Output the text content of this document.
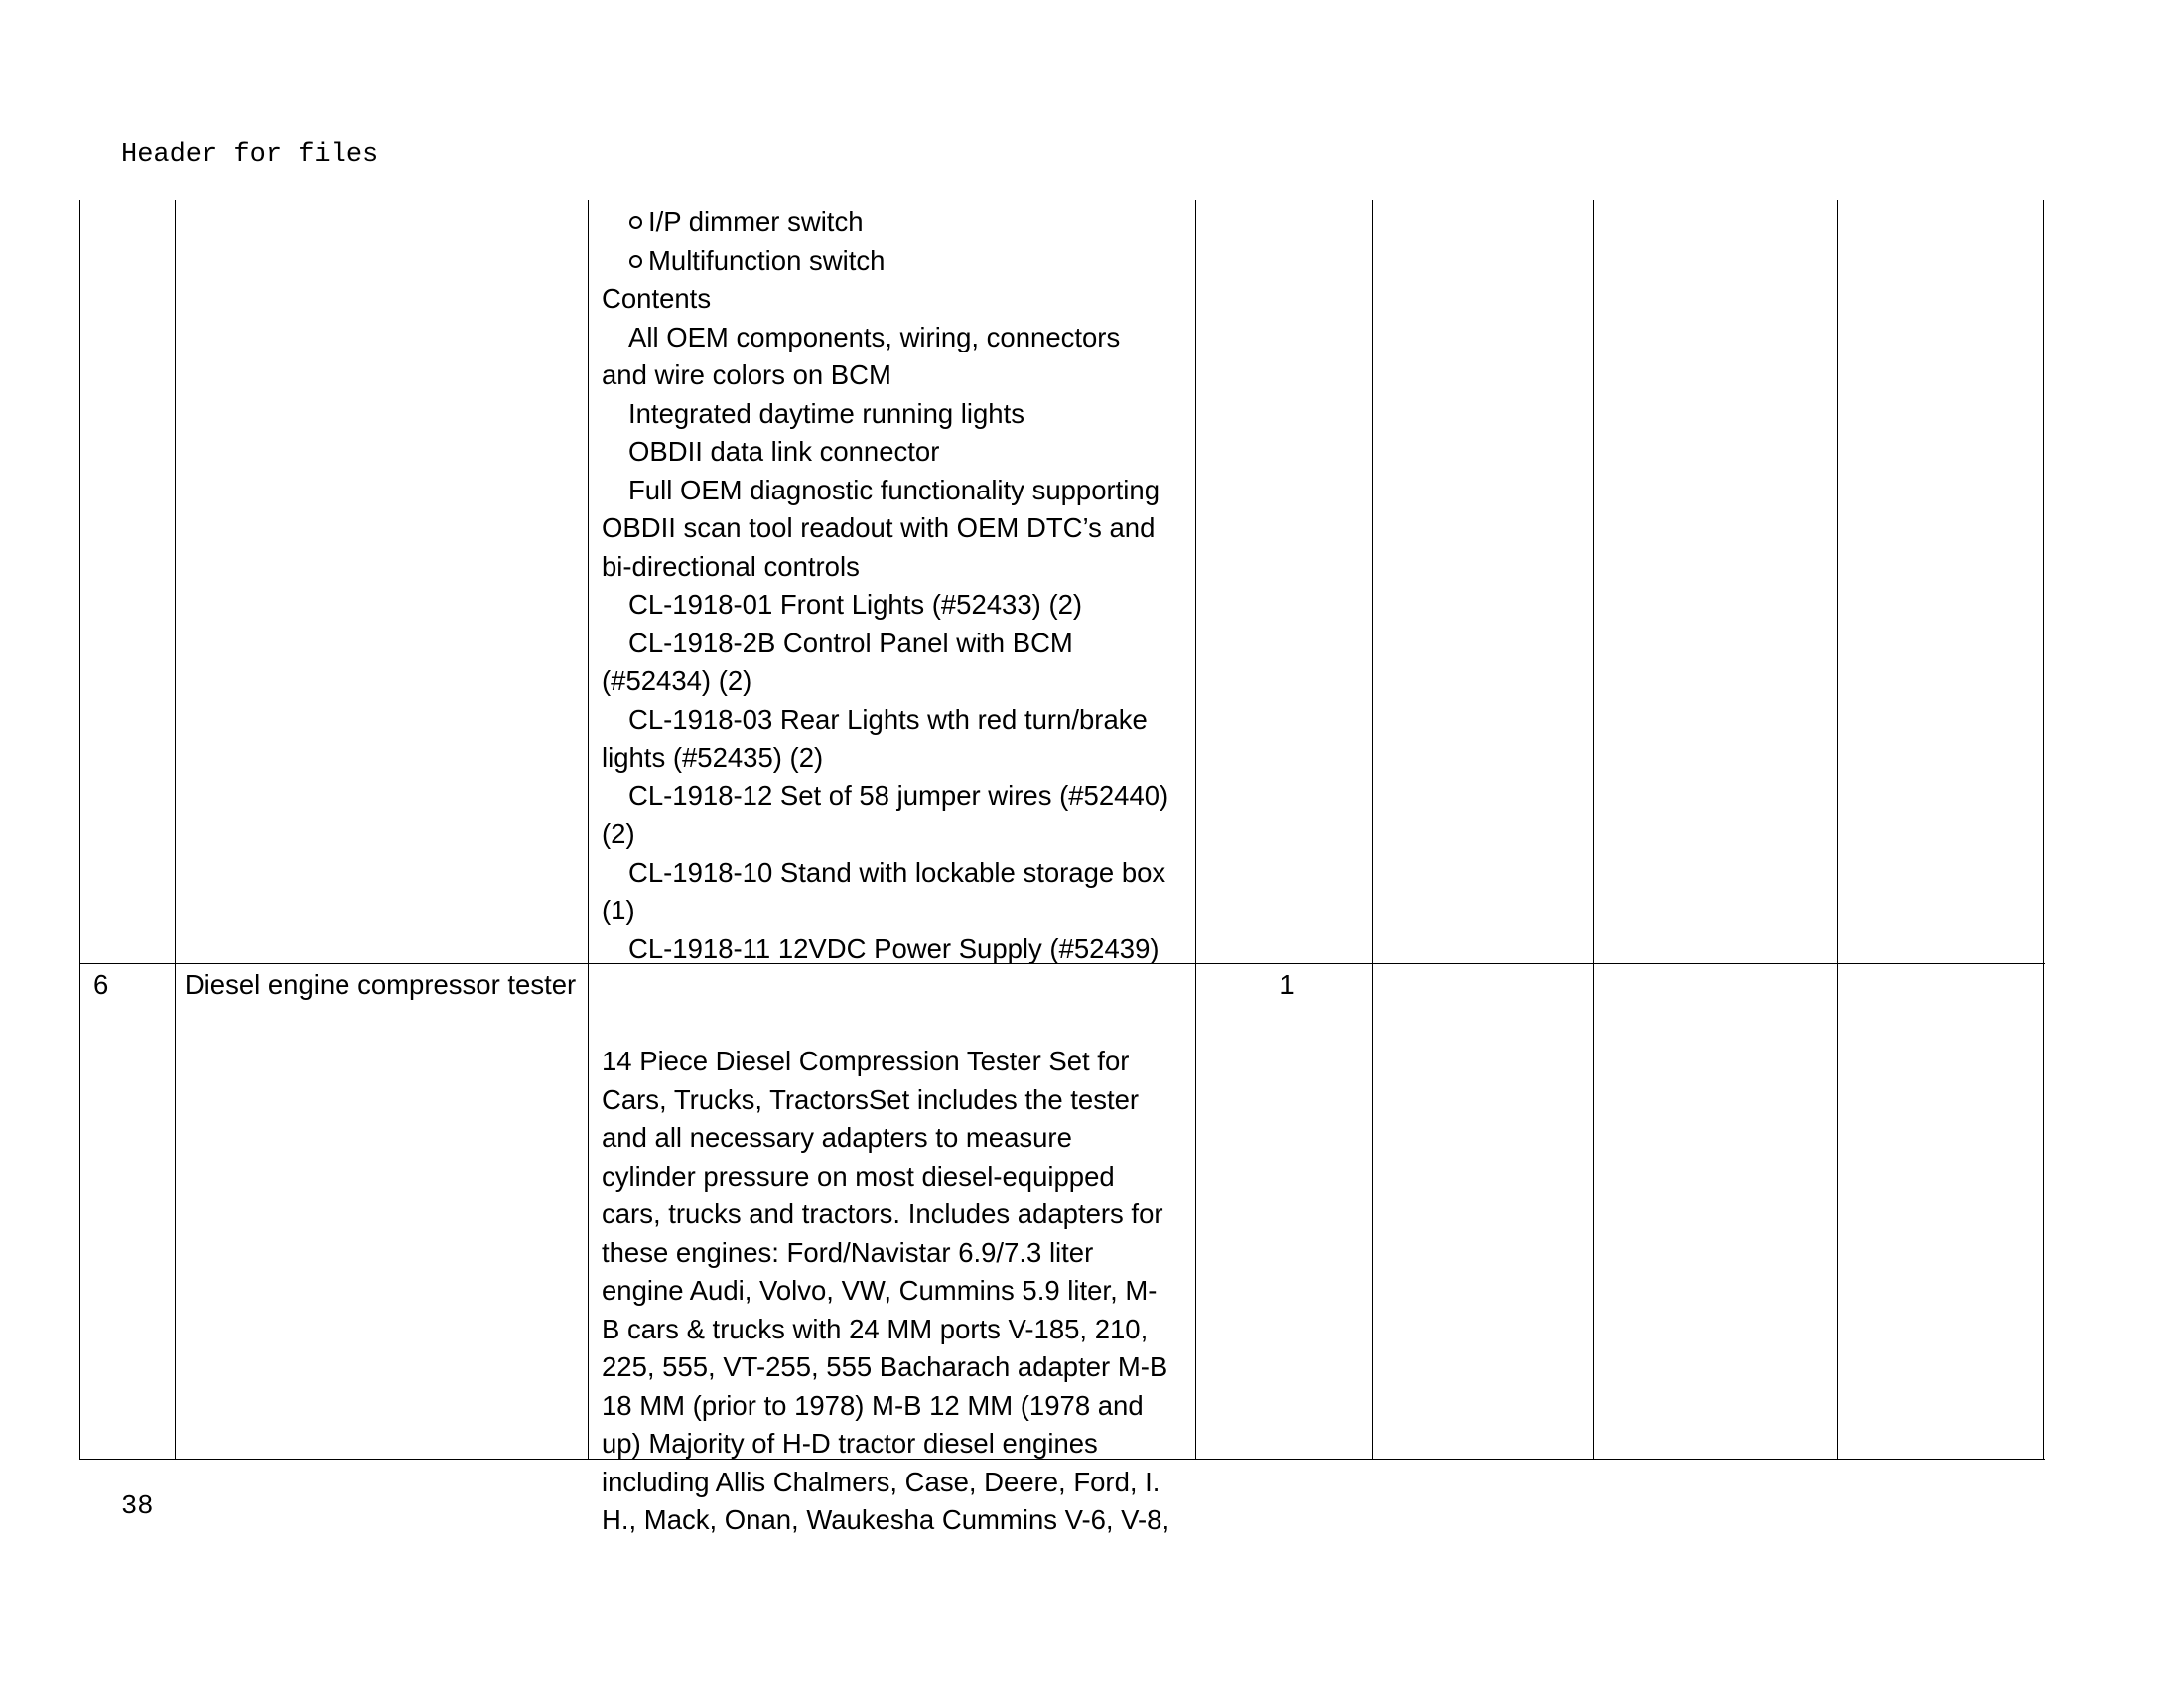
Header for files
I/P dimmer switch
Multifunction switch
Contents
All OEM components, wiring, connectors
and wire colors on BCM
Integrated daytime running lights
OBDII data link connector
Full OEM diagnostic functionality supporting
OBDII scan tool readout with OEM DTC’s and
bi-directional controls
CL-1918-01 Front Lights (#52433) (2)
CL-1918-2B Control Panel with BCM
(#52434) (2)
CL-1918-03 Rear Lights wth red turn/brake
lights (#52435) (2)
CL-1918-12 Set of 58 jumper wires (#52440)
(2)
CL-1918-10 Stand with lockable storage box
(1)
CL-1918-11 12VDC Power Supply (#52439)
6	Diesel engine compressor tester

14 Piece Diesel Compression Tester Set for
Cars, Trucks, TractorsSet includes the tester
and all necessary adapters to measure
cylinder pressure on most diesel-equipped
cars, trucks and tractors. Includes adapters for
these engines: Ford/Navistar 6.9/7.3 liter
engine Audi, Volvo, VW, Cummins 5.9 liter, M-
B cars & trucks with 24 MM ports V-185, 210,
225, 555, VT-255, 555 Bacharach adapter M-B
18 MM (prior to 1978) M-B 12 MM (1978 and
up) Majority of H-D tractor diesel engines
including Allis Chalmers, Case, Deere, Ford, I.
H., Mack, Onan, Waukesha Cummins V-6, V-8,

1
38
